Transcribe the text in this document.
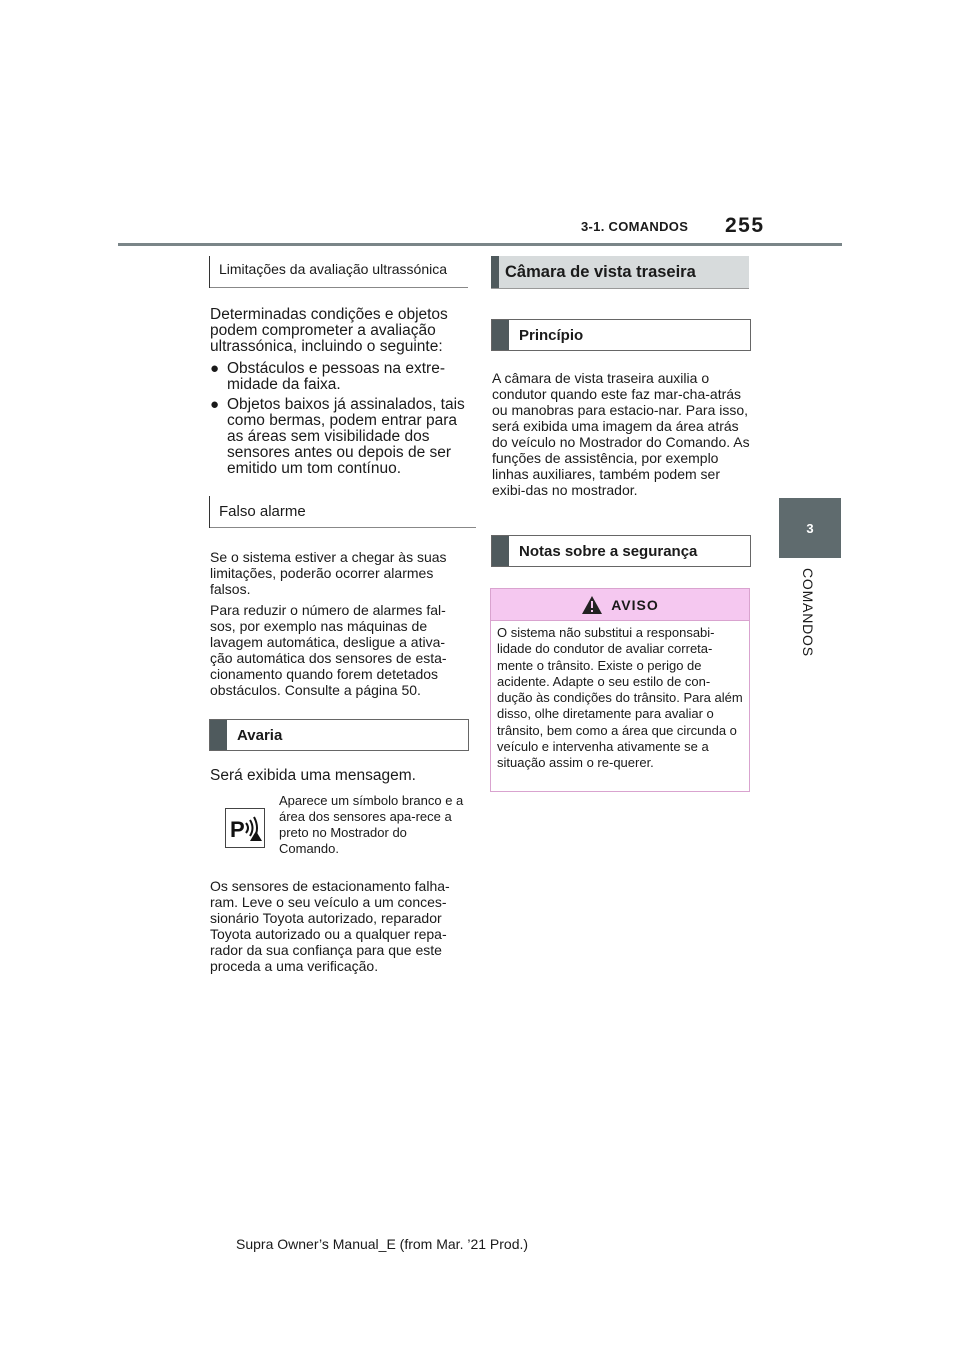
3-1. COMANDOS 255
3
COMANDOS
Limitações da avaliação ultrassónica
Determinadas condições e objetos podem comprometer a avaliação ultrassónica, incluindo o seguinte:
● Obstáculos e pessoas na extre-midade da faixa.
● Objetos baixos já assinalados, tais como bermas, podem entrar para as áreas sem visibilidade dos sensores antes ou depois de ser emitido um tom contínuo.
Falso alarme
Se o sistema estiver a chegar às suas limitações, poderão ocorrer alarmes falsos.
Para reduzir o número de alarmes fal-sos, por exemplo nas máquinas de lavagem automática, desligue a ativa-ção automática dos sensores de esta-cionamento quando forem detetados obstáculos. Consulte a página 50.
Avaria
Será exibida uma mensagem.
P
Aparece um símbolo branco e a área dos sensores apa-rece a preto no Mostrador do Comando.
Os sensores de estacionamento falha-ram. Leve o seu veículo a um conces-sionário Toyota autorizado, reparador Toyota autorizado ou a qualquer repa-rador da sua confiança para que este proceda a uma verificação.
Câmara de vista traseira
Princípio
A câmara de vista traseira auxilia o condutor quando este faz mar-cha-atrás ou manobras para estacio-nar. Para isso, será exibida uma imagem da área atrás do veículo no Mostrador do Comando. As funções de assistência, por exemplo linhas auxiliares, também podem ser exibi-das no mostrador.
Notas sobre a segurança
AVISO
O sistema não substitui a responsabi-lidade do condutor de avaliar correta-mente o trânsito. Existe o perigo de acidente. Adapte o seu estilo de con-dução às condições do trânsito. Para além disso, olhe diretamente para avaliar o trânsito, bem como a área que circunda o veículo e intervenha ativamente se a situação assim o re-querer.
Supra Owner’s Manual_E (from Mar. ’21 Prod.)
